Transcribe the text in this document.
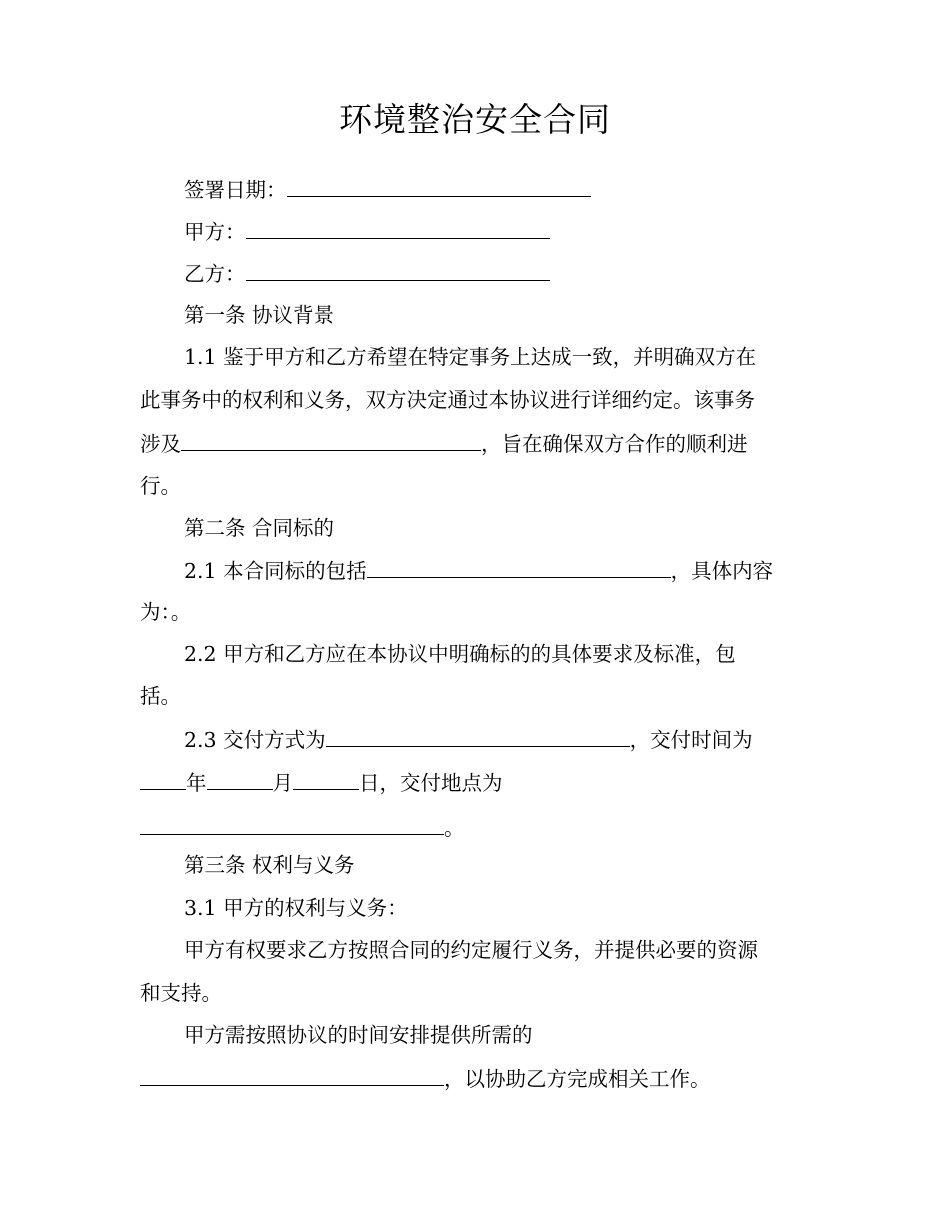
环境整治安全合同
签署日期：
甲方：
乙方：
第一条 协议背景
1.1 鉴于甲方和乙方希望在特定事务上达成一致，并明确双方在
此事务中的权利和义务，双方决定通过本协议进行详细约定。该事务
涉及	，旨在确保双方合作的顺利进
行。
第二条 合同标的
2.1 本合同标的包括	，具体内容
为：。
2.2 甲方和乙方应在本协议中明确标的的具体要求及标准，包
括。
2.3 交付方式为	，交付时间为
年	月	日，交付地点为
。
第三条 权利与义务
3.1 甲方的权利与义务：
甲方有权要求乙方按照合同的约定履行义务，并提供必要的资源
和支持。
甲方需按照协议的时间安排提供所需的
，以协助乙方完成相关工作。
